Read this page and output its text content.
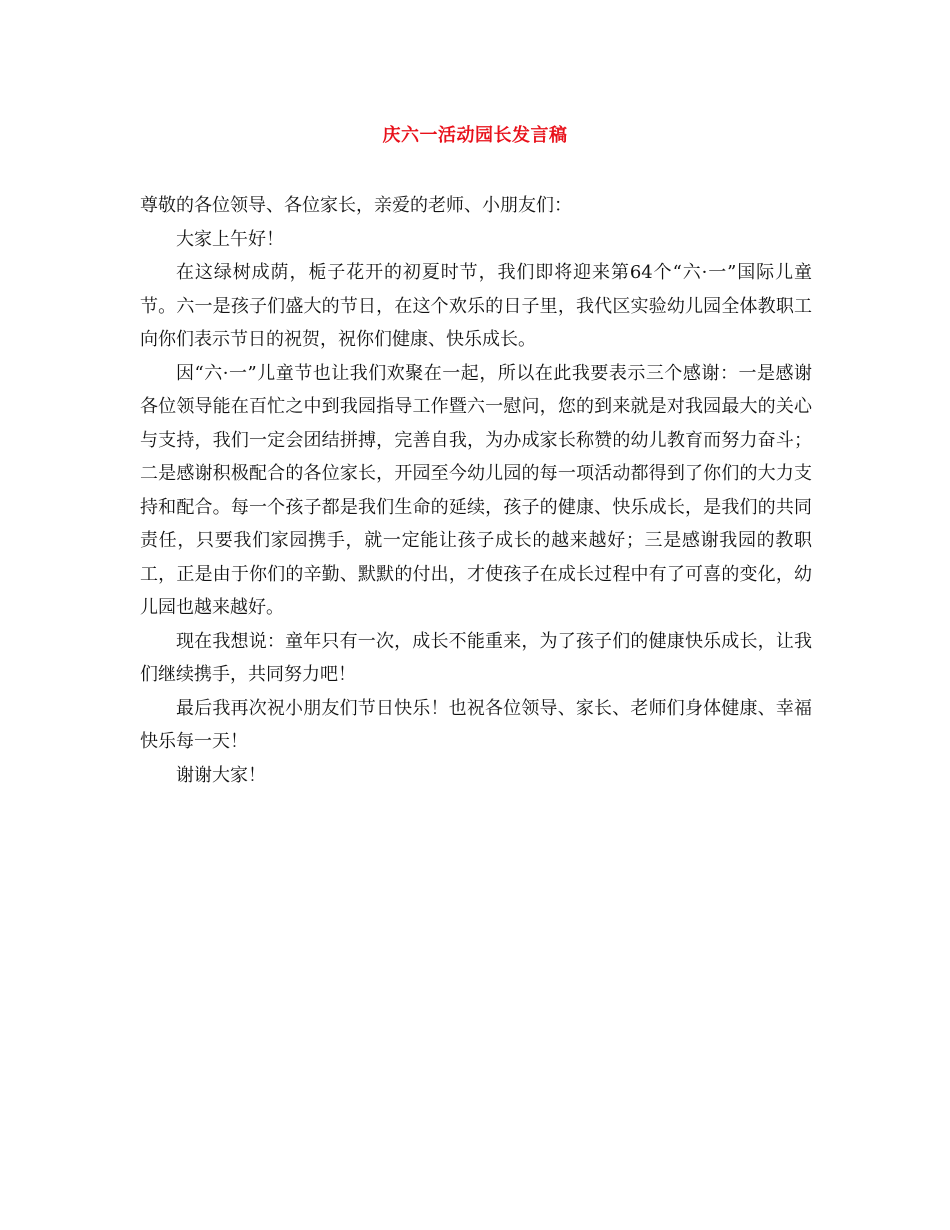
庆六一活动园长发言稿

尊敬的各位领导、各位家长，亲爱的老师、小朋友们：

大家上午好！

在这绿树成荫，栀子花开的初夏时节，我们即将迎来第64个“六·一”国际儿童节。六一是孩子们盛大的节日，在这个欢乐的日子里，我代区实验幼儿园全体教职工向你们表示节日的祝贺，祝你们健康、快乐成长。

因“六·一”儿童节也让我们欢聚在一起，所以在此我要表示三个感谢：一是感谢各位领导能在百忙之中到我园指导工作暨六一慰问，您的到来就是对我园最大的关心与支持，我们一定会团结拼搏，完善自我，为办成家长称赞的幼儿教育而努力奋斗；二是感谢积极配合的各位家长，开园至今幼儿园的每一项活动都得到了你们的大力支持和配合。每一个孩子都是我们生命的延续，孩子的健康、快乐成长，是我们的共同责任，只要我们家园携手，就一定能让孩子成长的越来越好；三是感谢我园的教职工，正是由于你们的辛勤、默默的付出，才使孩子在成长过程中有了可喜的变化，幼儿园也越来越好。

现在我想说：童年只有一次，成长不能重来，为了孩子们的健康快乐成长，让我们继续携手，共同努力吧！

最后我再次祝小朋友们节日快乐！也祝各位领导、家长、老师们身体健康、幸福快乐每一天！

谢谢大家！
